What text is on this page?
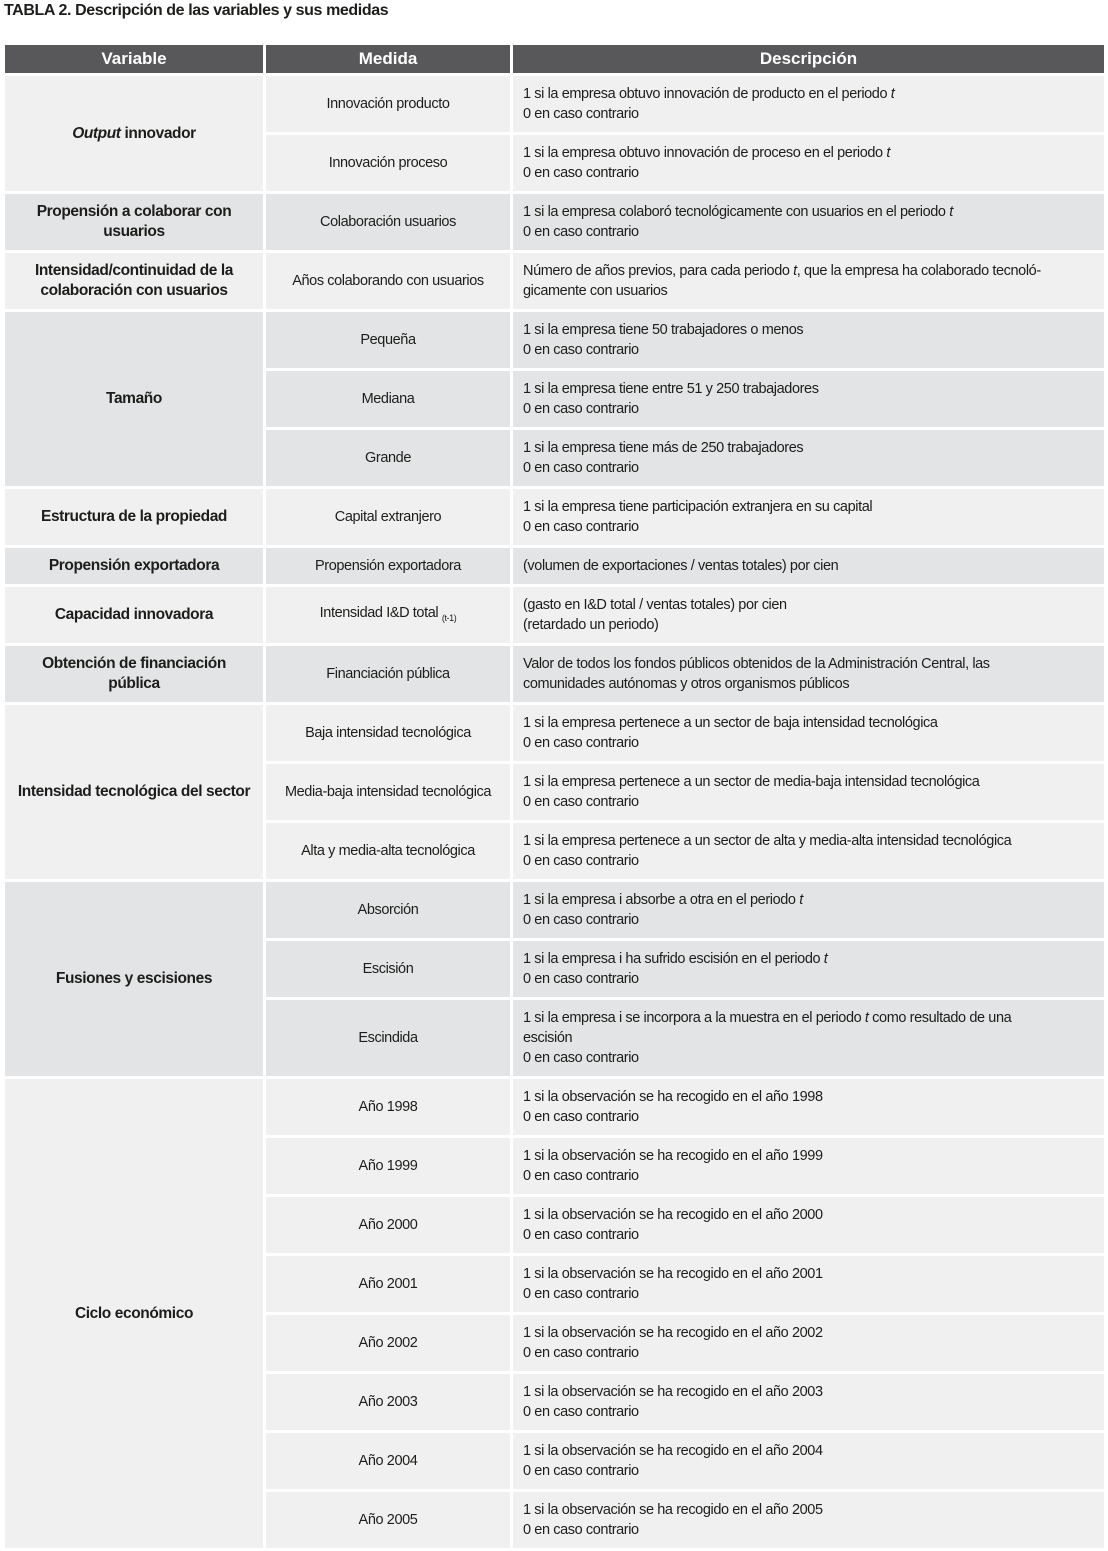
TABLA 2. Descripción de las variables y sus medidas
Variable	Medida	Descripción
Output innovador	Innovación producto	1 si la empresa obtuvo innovación de producto en el periodo t
0 en caso contrario
	Innovación proceso	1 si la empresa obtuvo innovación de proceso en el periodo t
0 en caso contrario
Propensión a colaborar con usuarios	Colaboración usuarios	1 si la empresa colaboró tecnológicamente con usuarios en el periodo t
0 en caso contrario
Intensidad/continuidad de la colaboración con usuarios	Años colaborando con usuarios	Número de años previos, para cada periodo t, que la empresa ha colaborado tecnoló-
gicamente con usuarios
Tamaño	Pequeña	1 si la empresa tiene 50 trabajadores o menos
0 en caso contrario
	Mediana	1 si la empresa tiene entre 51 y 250 trabajadores
0 en caso contrario
	Grande	1 si la empresa tiene más de 250 trabajadores
0 en caso contrario
Estructura de la propiedad	Capital extranjero	1 si la empresa tiene participación extranjera en su capital
0 en caso contrario
Propensión exportadora	Propensión exportadora	(volumen de exportaciones / ventas totales) por cien
Capacidad innovadora	Intensidad I&D total $_{(t-1)}$	(gasto en I&D total / ventas totales) por cien
(retardado un periodo)
Obtención de financiación pública	Financiación pública	Valor de todos los fondos públicos obtenidos de la Administración Central, las
comunidades autónomas y otros organismos públicos
Intensidad tecnológica del sector	Baja intensidad tecnológica	1 si la empresa pertenece a un sector de baja intensidad tecnológica
0 en caso contrario
	Media-baja intensidad tecnológica	1 si la empresa pertenece a un sector de media-baja intensidad tecnológica
0 en caso contrario
	Alta y media-alta tecnológica	1 si la empresa pertenece a un sector de alta y media-alta intensidad tecnológica
0 en caso contrario
Fusiones y escisiones	Absorción	1 si la empresa i absorbe a otra en el periodo t
0 en caso contrario
	Escisión	1 si la empresa i ha sufrido escisión en el periodo t
0 en caso contrario
	Escindida	1 si la empresa i se incorpora a la muestra en el periodo t como resultado de una
escisión
0 en caso contrario
Ciclo económico	Año 1998	1 si la observación se ha recogido en el año 1998
0 en caso contrario
	Año 1999	1 si la observación se ha recogido en el año 1999
0 en caso contrario
	Año 2000	1 si la observación se ha recogido en el año 2000
0 en caso contrario
	Año 2001	1 si la observación se ha recogido en el año 2001
0 en caso contrario
	Año 2002	1 si la observación se ha recogido en el año 2002
0 en caso contrario
	Año 2003	1 si la observación se ha recogido en el año 2003
0 en caso contrario
	Año 2004	1 si la observación se ha recogido en el año 2004
0 en caso contrario
	Año 2005	1 si la observación se ha recogido en el año 2005
0 en caso contrario
